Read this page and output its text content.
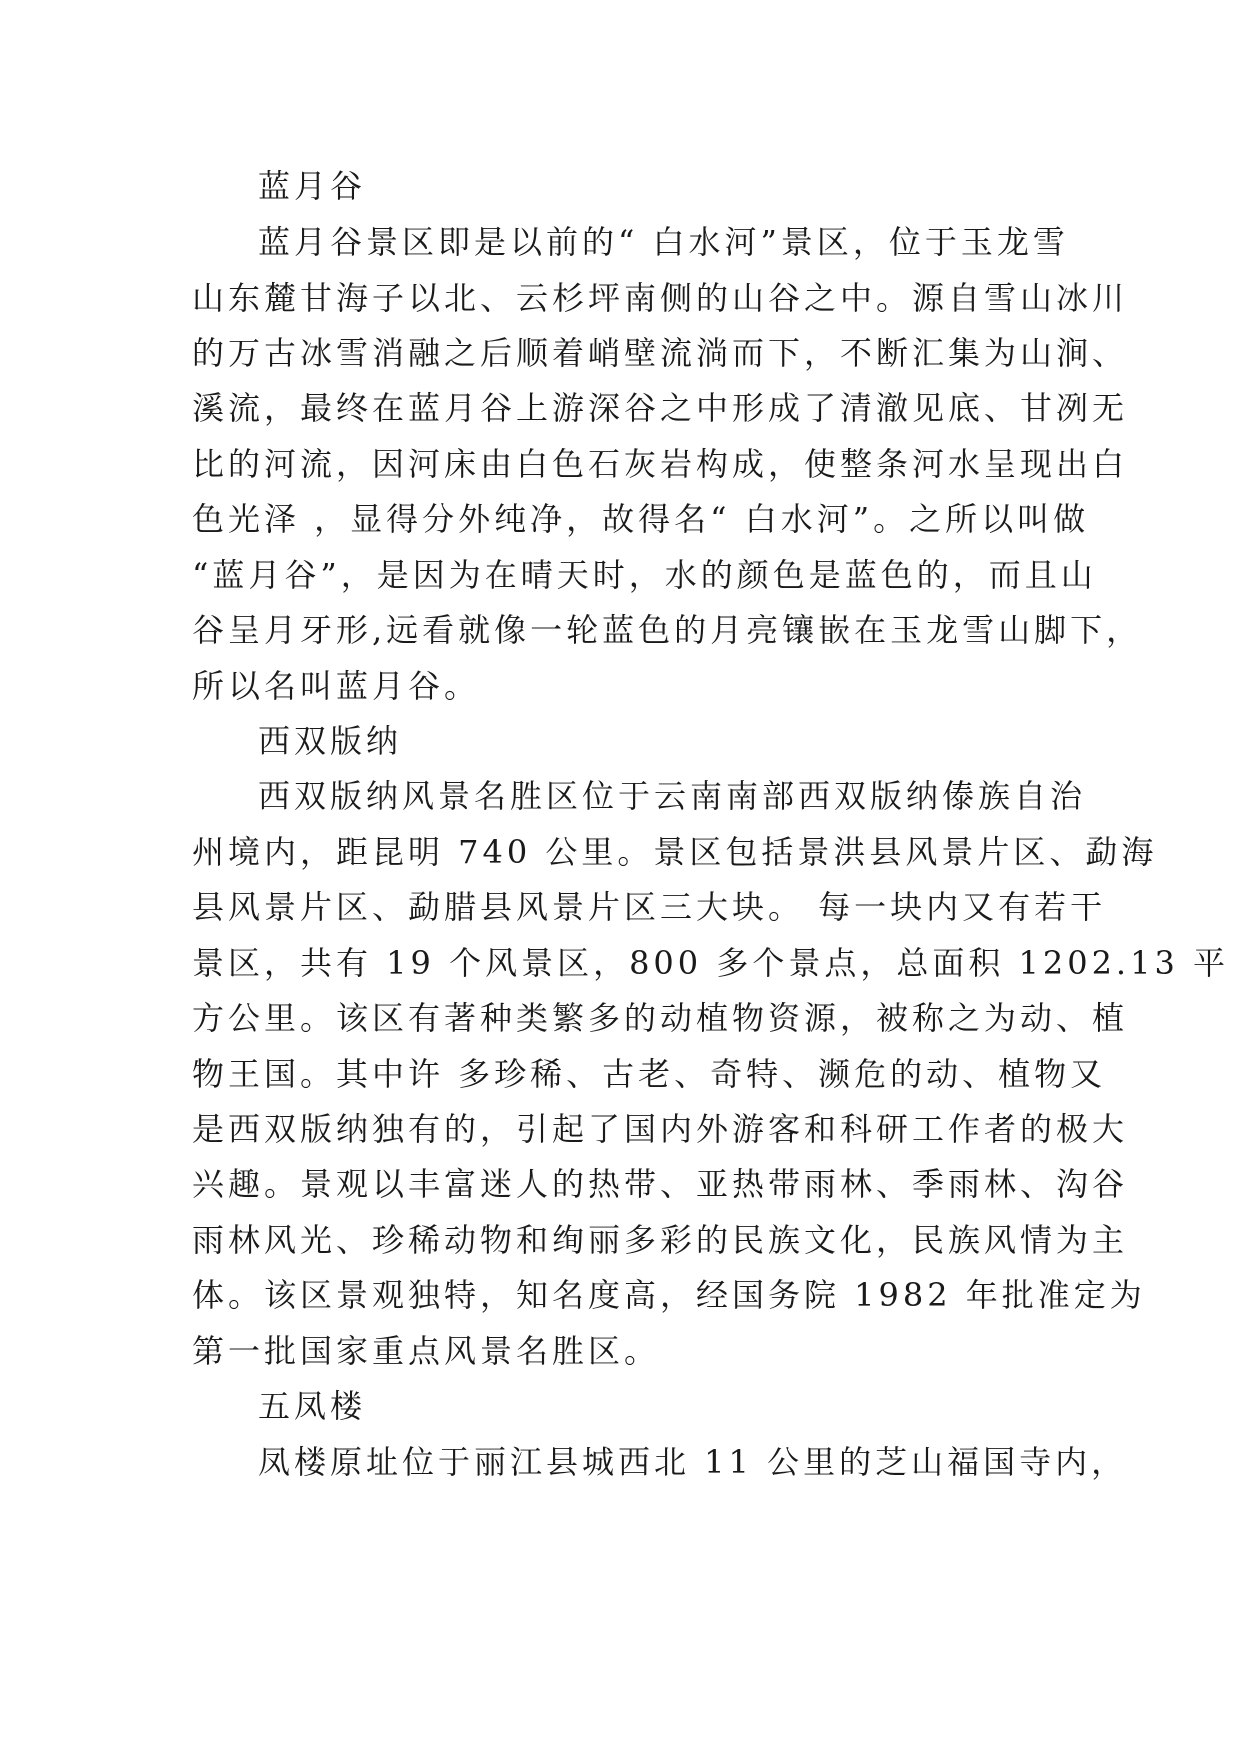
蓝月谷
蓝月谷景区即是以前的“ 白水河”景区，位于玉龙雪
山东麓甘海子以北、云杉坪南侧的山谷之中。源自雪山冰川
的万古冰雪消融之后顺着峭壁流淌而下，不断汇集为山涧、
溪流，最终在蓝月谷上游深谷之中形成了清澈见底、甘冽无
比的河流，因河床由白色石灰岩构成，使整条河水呈现出白
色光泽 ，显得分外纯净，故得名“ 白水河”。之所以叫做
“蓝月谷”，是因为在晴天时，水的颜色是蓝色的，而且山
谷呈月牙形,远看就像一轮蓝色的月亮镶嵌在玉龙雪山脚下，
所以名叫蓝月谷。
西双版纳
西双版纳风景名胜区位于云南南部西双版纳傣族自治
州境内，距昆明 740 公里。景区包括景洪县风景片区、勐海
县风景片区、勐腊县风景片区三大块。 每一块内又有若干
景区，共有 19 个风景区，800 多个景点，总面积 1202.13 平
方公里。该区有著种类繁多的动植物资源，被称之为动、植
物王国。其中许 多珍稀、古老、奇特、濒危的动、植物又
是西双版纳独有的，引起了国内外游客和科研工作者的极大
兴趣。景观以丰富迷人的热带、亚热带雨林、季雨林、沟谷
雨林风光、珍稀动物和绚丽多彩的民族文化，民族风情为主
体。该区景观独特，知名度高，经国务院 1982 年批准定为
第一批国家重点风景名胜区。
五凤楼
凤楼原址位于丽江县城西北 11 公里的芝山福国寺内，
